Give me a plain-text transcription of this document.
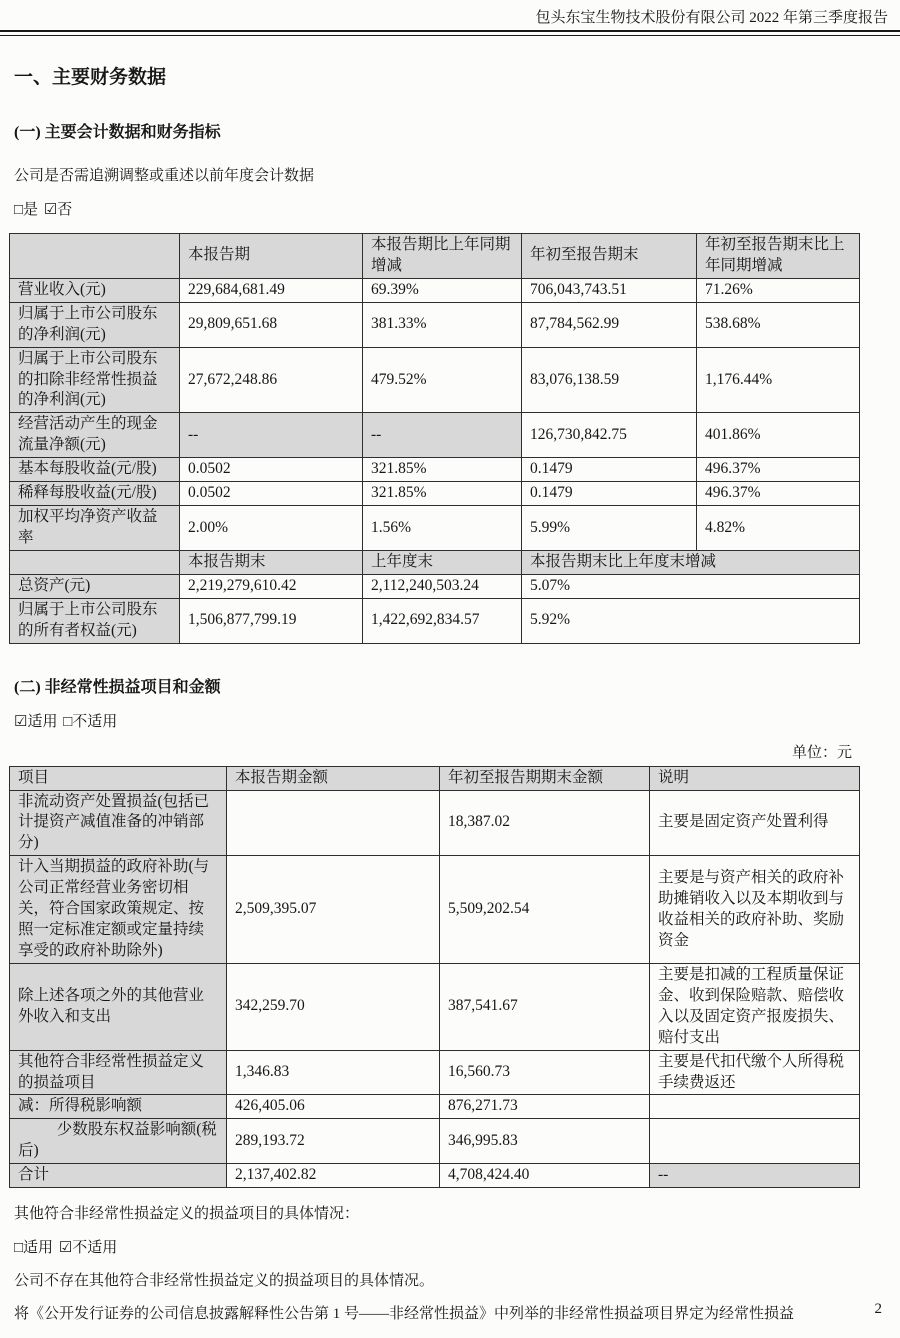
包头东宝生物技术股份有限公司 2022 年第三季度报告
一、主要财务数据
(一) 主要会计数据和财务指标
公司是否需追溯调整或重述以前年度会计数据
□是 ☑否
	本报告期	本报告期比上年同期增减	年初至报告期末	年初至报告期末比上年同期增减
营业收入(元)	229,684,681.49	69.39%	706,043,743.51	71.26%
归属于上市公司股东的净利润(元)	29,809,651.68	381.33%	87,784,562.99	538.68%
归属于上市公司股东的扣除非经常性损益的净利润(元)	27,672,248.86	479.52%	83,076,138.59	1,176.44%
经营活动产生的现金流量净额(元)	--	--	126,730,842.75	401.86%
基本每股收益(元/股)	0.0502	321.85%	0.1479	496.37%
稀释每股收益(元/股)	0.0502	321.85%	0.1479	496.37%
加权平均净资产收益率	2.00%	1.56%	5.99%	4.82%
	本报告期末	上年度末	本报告期末比上年度末增减	
总资产(元)	2,219,279,610.42	2,112,240,503.24	5.07%	
归属于上市公司股东的所有者权益(元)	1,506,877,799.19	1,422,692,834.57	5.92%	
(二) 非经常性损益项目和金额
☑适用 □不适用
单位：元
项目	本报告期金额	年初至报告期期末金额	说明
非流动资产处置损益(包括已计提资产减值准备的冲销部分)		18,387.02	主要是固定资产处置利得
计入当期损益的政府补助(与公司正常经营业务密切相关，符合国家政策规定、按照一定标准定额或定量持续享受的政府补助除外)	2,509,395.07	5,509,202.54	主要是与资产相关的政府补助摊销收入以及本期收到与收益相关的政府补助、奖励资金
除上述各项之外的其他营业外收入和支出	342,259.70	387,541.67	主要是扣减的工程质量保证金、收到保险赔款、赔偿收入以及固定资产报废损失、赔付支出
其他符合非经常性损益定义的损益项目	1,346.83	16,560.73	主要是代扣代缴个人所得税手续费返还
减：所得税影响额	426,405.06	876,271.73	
少数股东权益影响额(税后)	289,193.72	346,995.83	
合计	2,137,402.82	4,708,424.40	--
其他符合非经常性损益定义的损益项目的具体情况：
□适用 ☑不适用
公司不存在其他符合非经常性损益定义的损益项目的具体情况。
将《公开发行证券的公司信息披露解释性公告第 1 号——非经常性损益》中列举的非经常性损益项目界定为经常性损益	2
